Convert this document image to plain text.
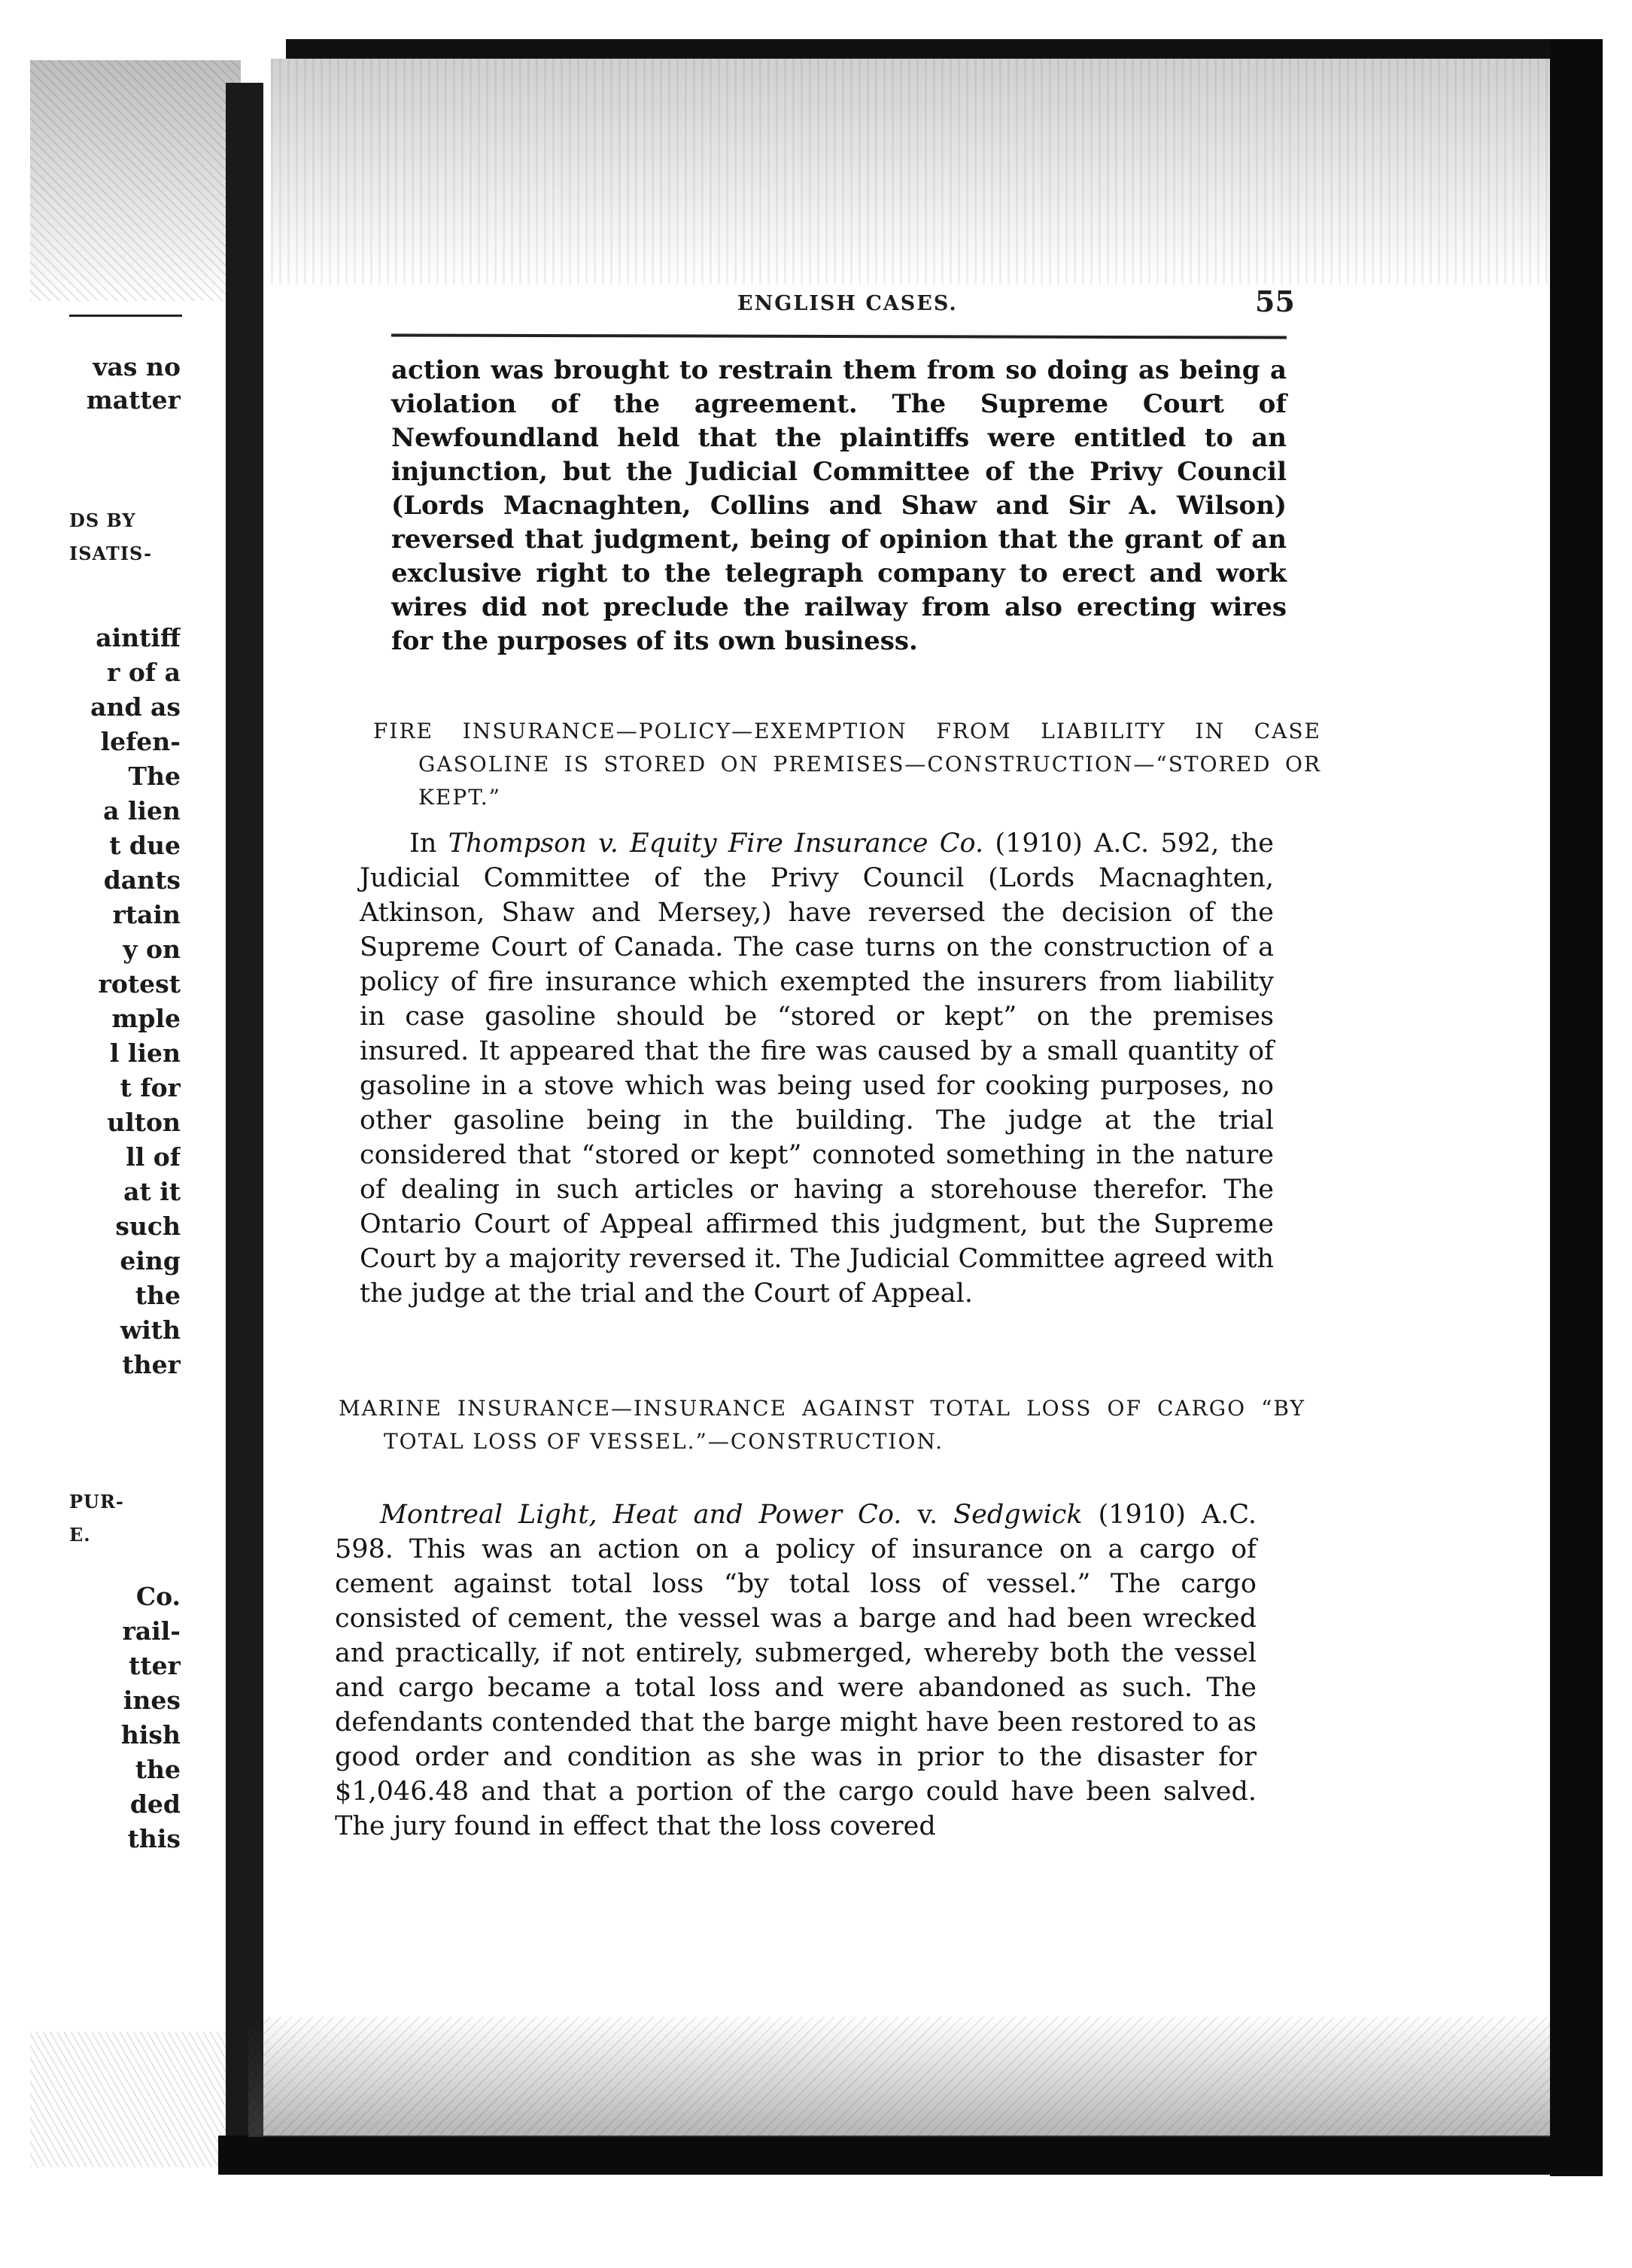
vas no
matter
DS BY
ISATIS-
aintiff
r of a
and as
lefen-
The
a lien
t due
dants
rtain
y on
rotest
mple
l lien
t for
ulton
ll of
at it
such
eing
the
with
ther
PUR-
E.
Co.
rail-
tter
ines
hish
the
ded
this
ENGLISH CASES.	55

action was brought to restrain them from so doing as being a violation of the agreement. The Supreme Court of Newfoundland held that the plaintiffs were entitled to an injunction, but the Judicial Committee of the Privy Council (Lords Macnaghten, Collins and Shaw and Sir A. Wilson) reversed that judgment, being of opinion that the grant of an exclusive right to the telegraph company to erect and work wires did not preclude the railway from also erecting wires for the purposes of its own business.

FIRE INSURANCE—POLICY—EXEMPTION FROM LIABILITY IN CASE GASOLINE IS STORED ON PREMISES—CONSTRUCTION—“STORED OR KEPT.”

In Thompson v. Equity Fire Insurance Co. (1910) A.C. 592, the Judicial Committee of the Privy Council (Lords Macnaghten, Atkinson, Shaw and Mersey,) have reversed the decision of the Supreme Court of Canada. The case turns on the construction of a policy of fire insurance which exempted the insurers from liability in case gasoline should be “stored or kept” on the premises insured. It appeared that the fire was caused by a small quantity of gasoline in a stove which was being used for cooking purposes, no other gasoline being in the building. The judge at the trial considered that “stored or kept” connoted something in the nature of dealing in such articles or having a storehouse therefor. The Ontario Court of Appeal affirmed this judgment, but the Supreme Court by a majority reversed it. The Judicial Committee agreed with the judge at the trial and the Court of Appeal.

MARINE INSURANCE—INSURANCE AGAINST TOTAL LOSS OF CARGO “BY TOTAL LOSS OF VESSEL.”—CONSTRUCTION.

Montreal Light, Heat and Power Co. v. Sedgwick (1910) A.C. 598. This was an action on a policy of insurance on a cargo of cement against total loss “by total loss of vessel.” The cargo consisted of cement, the vessel was a barge and had been wrecked and practically, if not entirely, submerged, whereby both the vessel and cargo became a total loss and were abandoned as such. The defendants contended that the barge might have been restored to as good order and condition as she was in prior to the disaster for $1,046.48 and that a portion of the cargo could have been salved. The jury found in effect that the loss covered
